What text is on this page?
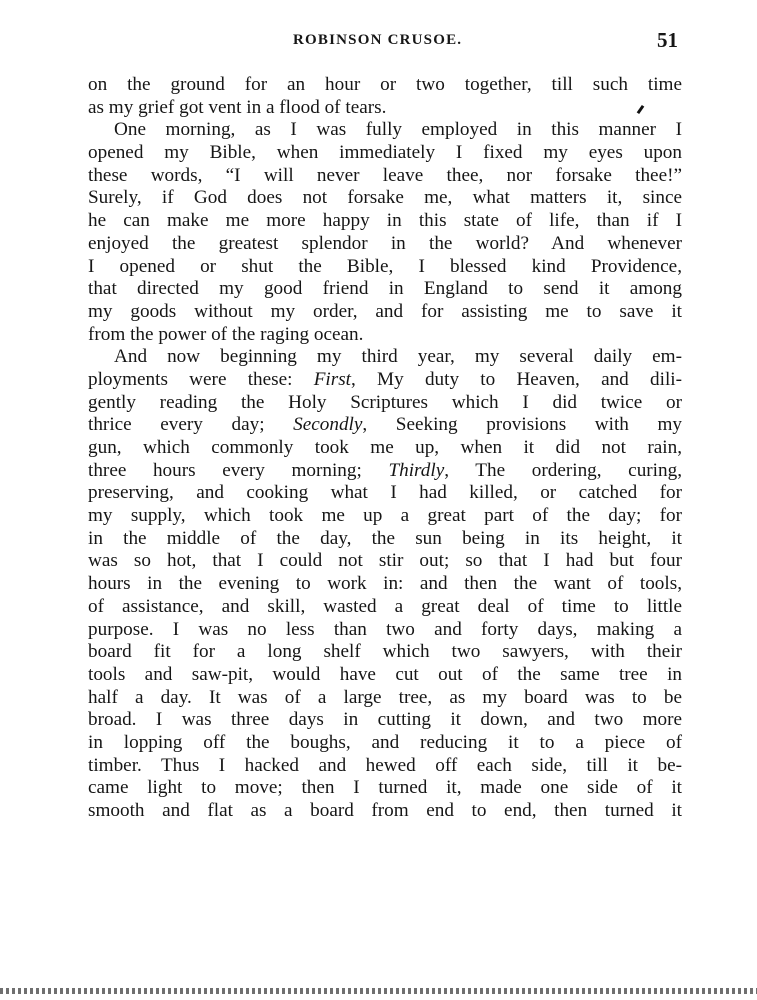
ROBINSON CRUSOE.	51
on the ground for an hour or two together, till such time
as my grief got vent in a flood of tears.
One morning, as I was fully employed in this manner I
opened my Bible, when immediately I fixed my eyes upon
these words, “I will never leave thee, nor forsake thee!”
Surely, if God does not forsake me, what matters it, since
he can make me more happy in this state of life, than if I
enjoyed the greatest splendor in the world? And whenever
I opened or shut the Bible, I blessed kind Providence,
that directed my good friend in England to send it among
my goods without my order, and for assisting me to save it
from the power of the raging ocean.
And now beginning my third year, my several daily em-
ployments were these: First, My duty to Heaven, and dili-
gently reading the Holy Scriptures which I did twice or
thrice every day; Secondly, Seeking provisions with my
gun, which commonly took me up, when it did not rain,
three hours every morning; Thirdly, The ordering, curing,
preserving, and cooking what I had killed, or catched for
my supply, which took me up a great part of the day; for
in the middle of the day, the sun being in its height, it
was so hot, that I could not stir out; so that I had but four
hours in the evening to work in: and then the want of tools,
of assistance, and skill, wasted a great deal of time to little
purpose. I was no less than two and forty days, making a
board fit for a long shelf which two sawyers, with their
tools and saw-pit, would have cut out of the same tree in
half a day. It was of a large tree, as my board was to be
broad. I was three days in cutting it down, and two more
in lopping off the boughs, and reducing it to a piece of
timber. Thus I hacked and hewed off each side, till it be-
came light to move; then I turned it, made one side of it
smooth and flat as a board from end to end, then turned it
